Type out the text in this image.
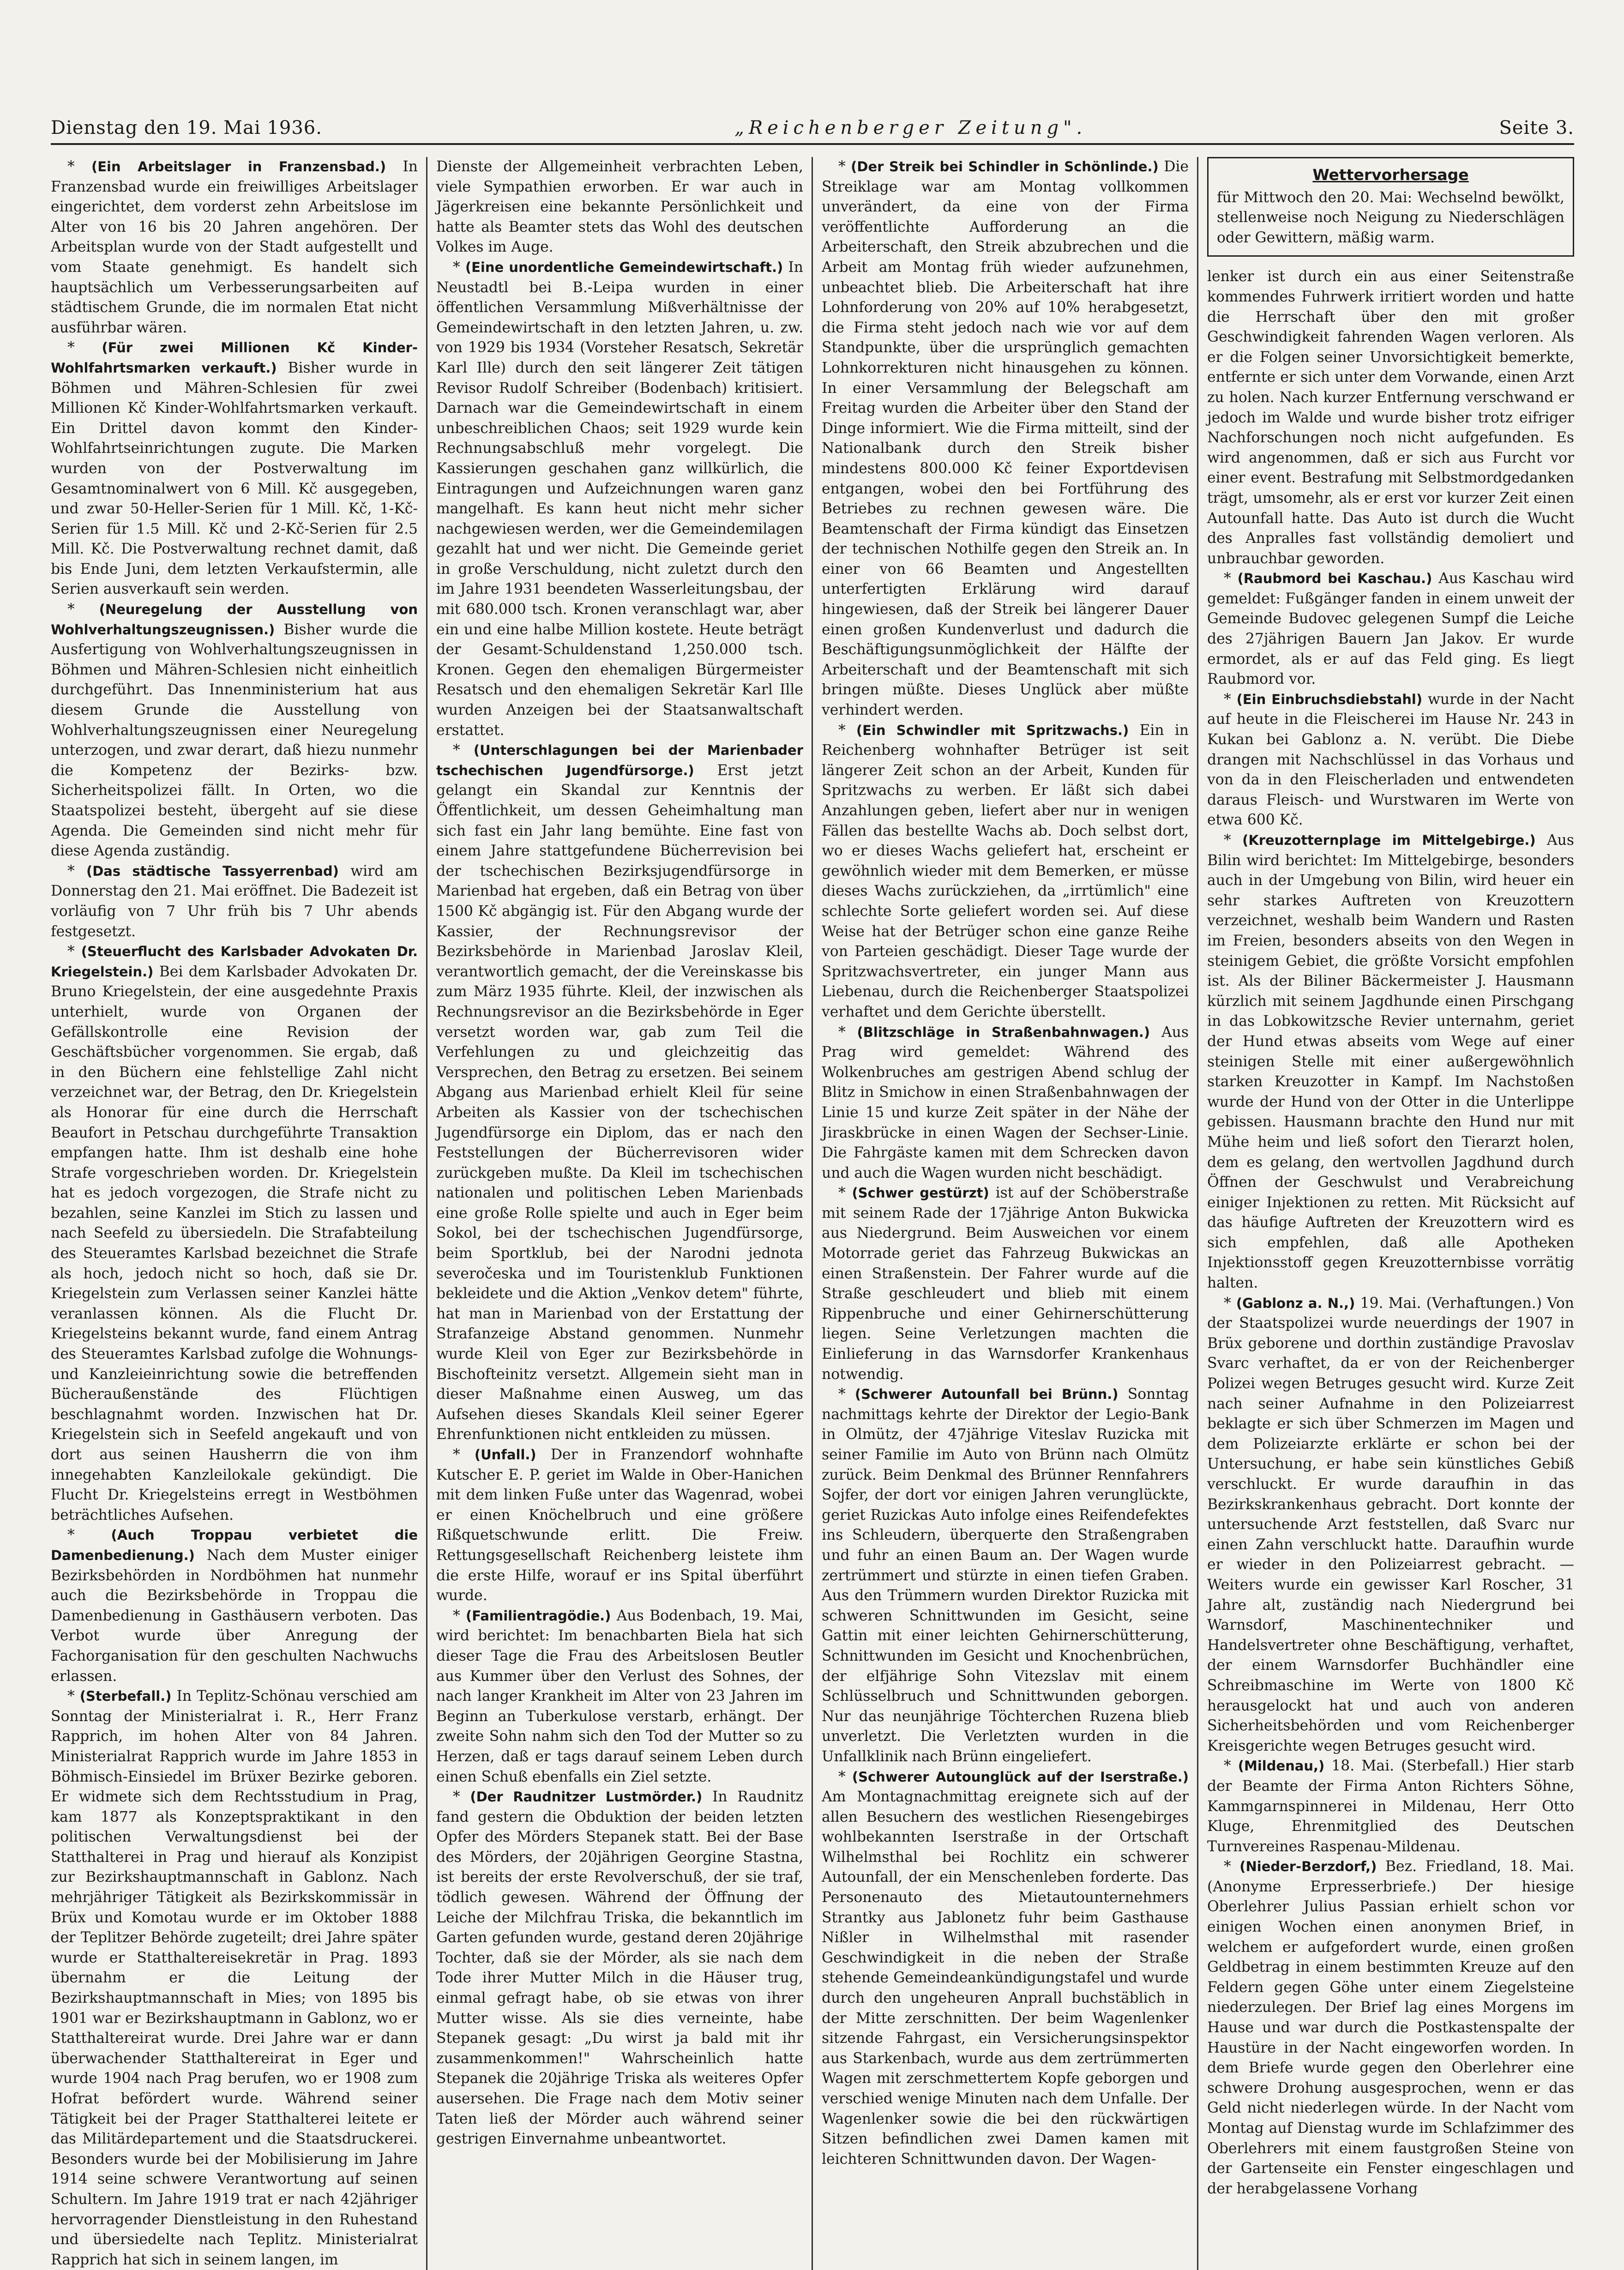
Dienstag den 19. Mai 1936.	„Reichenberger Zeitung".	Seite 3.

* (Ein Arbeitslager in Franzensbad.) In Franzensbad wurde ein freiwilliges Arbeitslager eingerichtet, dem vorderst zehn Arbeitslose im Alter von 16 bis 20 Jahren angehören. Der Arbeitsplan wurde von der Stadt aufgestellt und vom Staate genehmigt. Es handelt sich hauptsächlich um Verbesserungsarbeiten auf städtischem Grunde, die im normalen Etat nicht ausführbar wären.

* (Für zwei Millionen Kč Kinder-Wohlfahrtsmarken verkauft.) Bisher wurde in Böhmen und Mähren-Schlesien für zwei Millionen Kč Kinder-Wohlfahrtsmarken verkauft. Ein Drittel davon kommt den Kinder-Wohlfahrtseinrichtungen zugute. Die Marken wurden von der Postverwaltung im Gesamtnominalwert von 6 Mill. Kč ausgegeben, und zwar 50-Heller-Serien für 1 Mill. Kč, 1-Kč-Serien für 1.5 Mill. Kč und 2-Kč-Serien für 2.5 Mill. Kč. Die Postverwaltung rechnet damit, daß bis Ende Juni, dem letzten Verkaufstermin, alle Serien ausverkauft sein werden.

* (Neuregelung der Ausstellung von Wohlverhaltungszeugnissen.) Bisher wurde die Ausfertigung von Wohlverhaltungszeugnissen in Böhmen und Mähren-Schlesien nicht einheitlich durchgeführt. Das Innenministerium hat aus diesem Grunde die Ausstellung von Wohlverhaltungszeugnissen einer Neuregelung unterzogen, und zwar derart, daß hiezu nunmehr die Kompetenz der Bezirks- bzw. Sicherheitspolizei fällt. In Orten, wo die Staatspolizei besteht, übergeht auf sie diese Agenda. Die Gemeinden sind nicht mehr für diese Agenda zuständig.

* (Das städtische Tassyerrenbad) wird am Donnerstag den 21. Mai eröffnet. Die Badezeit ist vorläufig von 7 Uhr früh bis 7 Uhr abends festgesetzt.

* (Steuerflucht des Karlsbader Advokaten Dr. Kriegelstein.) Bei dem Karlsbader Advokaten Dr. Bruno Kriegelstein, der eine ausgedehnte Praxis unterhielt, wurde von Organen der Gefällskontrolle eine Revision der Geschäftsbücher vorgenommen. Sie ergab, daß in den Büchern eine fehlstellige Zahl nicht verzeichnet war, der Betrag, den Dr. Kriegelstein als Honorar für eine durch die Herrschaft Beaufort in Petschau durchgeführte Transaktion empfangen hatte. Ihm ist deshalb eine hohe Strafe vorgeschrieben worden. Dr. Kriegelstein hat es jedoch vorgezogen, die Strafe nicht zu bezahlen, seine Kanzlei im Stich zu lassen und nach Seefeld zu übersiedeln. Die Strafabteilung des Steueramtes Karlsbad bezeichnet die Strafe als hoch, jedoch nicht so hoch, daß sie Dr. Kriegelstein zum Verlassen seiner Kanzlei hätte veranlassen können. Als die Flucht Dr. Kriegelsteins bekannt wurde, fand einem Antrag des Steueramtes Karlsbad zufolge die Wohnungs- und Kanzleieinrichtung sowie die betreffenden Bücheraußenstände des Flüchtigen beschlagnahmt worden. Inzwischen hat Dr. Kriegelstein sich in Seefeld angekauft und von dort aus seinen Hausherrn die von ihm innegehabten Kanzleilokale gekündigt. Die Flucht Dr. Kriegelsteins erregt in Westböhmen beträchtliches Aufsehen.

* (Auch Troppau verbietet die Damenbedienung.) Nach dem Muster einiger Bezirksbehörden in Nordböhmen hat nunmehr auch die Bezirksbehörde in Troppau die Damenbedienung in Gasthäusern verboten. Das Verbot wurde über Anregung der Fachorganisation für den geschulten Nachwuchs erlassen.

* (Sterbefall.) In Teplitz-Schönau verschied am Sonntag der Ministerialrat i. R., Herr Franz Rapprich, im hohen Alter von 84 Jahren. Ministerialrat Rapprich wurde im Jahre 1853 in Böhmisch-Einsiedel im Brüxer Bezirke geboren. Er widmete sich dem Rechtsstudium in Prag, kam 1877 als Konzeptspraktikant in den politischen Verwaltungsdienst bei der Statthalterei in Prag und hierauf als Konzipist zur Bezirkshauptmannschaft in Gablonz. Nach mehrjähriger Tätigkeit als Bezirkskommissär in Brüx und Komotau wurde er im Oktober 1888 der Teplitzer Behörde zugeteilt; drei Jahre später wurde er Statthaltereisekretär in Prag. 1893 übernahm er die Leitung der Bezirkshauptmannschaft in Mies; von 1895 bis 1901 war er Bezirkshauptmann in Gablonz, wo er Statthaltereirat wurde. Drei Jahre war er dann überwachender Statthaltereirat in Eger und wurde 1904 nach Prag berufen, wo er 1908 zum Hofrat befördert wurde. Während seiner Tätigkeit bei der Prager Statthalterei leitete er das Militärdepartement und die Staatsdruckerei. Besonders wurde bei der Mobilisierung im Jahre 1914 seine schwere Verantwortung auf seinen Schultern. Im Jahre 1919 trat er nach 42jähriger hervorragender Dienstleistung in den Ruhestand und übersiedelte nach Teplitz. Ministerialrat Rapprich hat sich in seinem langen, im

Dienste der Allgemeinheit verbrachten Leben, viele Sympathien erworben. Er war auch in Jägerkreisen eine bekannte Persönlichkeit und hatte als Beamter stets das Wohl des deutschen Volkes im Auge.

* (Eine unordentliche Gemeindewirtschaft.) In Neustadtl bei B.-Leipa wurden in einer öffentlichen Versammlung Mißverhältnisse der Gemeindewirtschaft in den letzten Jahren, u. zw. von 1929 bis 1934 (Vorsteher Resatsch, Sekretär Karl Ille) durch den seit längerer Zeit tätigen Revisor Rudolf Schreiber (Bodenbach) kritisiert. Darnach war die Gemeindewirtschaft in einem unbeschreiblichen Chaos; seit 1929 wurde kein Rechnungsabschluß mehr vorgelegt. Die Kassierungen geschahen ganz willkürlich, die Eintragungen und Aufzeichnungen waren ganz mangelhaft. Es kann heut nicht mehr sicher nachgewiesen werden, wer die Gemeindemilagen gezahlt hat und wer nicht. Die Gemeinde geriet in große Verschuldung, nicht zuletzt durch den im Jahre 1931 beendeten Wasserleitungsbau, der mit 680.000 tsch. Kronen veranschlagt war, aber ein und eine halbe Million kostete. Heute beträgt der Gesamt-Schuldenstand 1,250.000 tsch. Kronen. Gegen den ehemaligen Bürgermeister Resatsch und den ehemaligen Sekretär Karl Ille wurden Anzeigen bei der Staatsanwaltschaft erstattet.

* (Unterschlagungen bei der Marienbader tschechischen Jugendfürsorge.) Erst jetzt gelangt ein Skandal zur Kenntnis der Öffentlichkeit, um dessen Geheimhaltung man sich fast ein Jahr lang bemühte. Eine fast von einem Jahre stattgefundene Bücherrevision bei der tschechischen Bezirksjugendfürsorge in Marienbad hat ergeben, daß ein Betrag von über 1500 Kč abgängig ist. Für den Abgang wurde der Kassier, der Rechnungsrevisor der Bezirksbehörde in Marienbad Jaroslav Kleil, verantwortlich gemacht, der die Vereinskasse bis zum März 1935 führte. Kleil, der inzwischen als Rechnungsrevisor an die Bezirksbehörde in Eger versetzt worden war, gab zum Teil die Verfehlungen zu und gleichzeitig das Versprechen, den Betrag zu ersetzen. Bei seinem Abgang aus Marienbad erhielt Kleil für seine Arbeiten als Kassier von der tschechischen Jugendfürsorge ein Diplom, das er nach den Feststellungen der Bücherrevisoren wider zurückgeben mußte. Da Kleil im tschechischen nationalen und politischen Leben Marienbads eine große Rolle spielte und auch in Eger beim Sokol, bei der tschechischen Jugendfürsorge, beim Sportklub, bei der Narodni jednota severočeska und im Touristenklub Funktionen bekleidete und die Aktion „Venkov detem" führte, hat man in Marienbad von der Erstattung der Strafanzeige Abstand genommen. Nunmehr wurde Kleil von Eger zur Bezirksbehörde in Bischofteinitz versetzt. Allgemein sieht man in dieser Maßnahme einen Ausweg, um das Aufsehen dieses Skandals Kleil seiner Egerer Ehrenfunktionen nicht entkleiden zu müssen.

* (Unfall.) Der in Franzendorf wohnhafte Kutscher E. P. geriet im Walde in Ober-Hanichen mit dem linken Fuße unter das Wagenrad, wobei er einen Knöchelbruch und eine größere Rißquetschwunde erlitt. Die Freiw. Rettungsgesellschaft Reichenberg leistete ihm die erste Hilfe, worauf er ins Spital überführt wurde.

* (Familientragödie.) Aus Bodenbach, 19. Mai, wird berichtet: Im benachbarten Biela hat sich dieser Tage die Frau des Arbeitslosen Beutler aus Kummer über den Verlust des Sohnes, der nach langer Krankheit im Alter von 23 Jahren im Beginn an Tuberkulose verstarb, erhängt. Der zweite Sohn nahm sich den Tod der Mutter so zu Herzen, daß er tags darauf seinem Leben durch einen Schuß ebenfalls ein Ziel setzte.

* (Der Raudnitzer Lustmörder.) In Raudnitz fand gestern die Obduktion der beiden letzten Opfer des Mörders Stepanek statt. Bei der Base des Mörders, der 20jährigen Georgine Stastna, ist bereits der erste Revolverschuß, der sie traf, tödlich gewesen. Während der Öffnung der Leiche der Milchfrau Triska, die bekanntlich im Garten gefunden wurde, gestand deren 20jährige Tochter, daß sie der Mörder, als sie nach dem Tode ihrer Mutter Milch in die Häuser trug, einmal gefragt habe, ob sie etwas von ihrer Mutter wisse. Als sie dies verneinte, habe Stepanek gesagt: „Du wirst ja bald mit ihr zusammenkommen!" Wahrscheinlich hatte Stepanek die 20jährige Triska als weiteres Opfer ausersehen. Die Frage nach dem Motiv seiner Taten ließ der Mörder auch während seiner gestrigen Einvernahme unbeantwortet.

* (Der Streik bei Schindler in Schönlinde.) Die Streiklage war am Montag vollkommen unverändert, da eine von der Firma veröffentlichte Aufforderung an die Arbeiterschaft, den Streik abzubrechen und die Arbeit am Montag früh wieder aufzunehmen, unbeachtet blieb. Die Arbeiterschaft hat ihre Lohnforderung von 20% auf 10% herabgesetzt, die Firma steht jedoch nach wie vor auf dem Standpunkte, über die ursprünglich gemachten Lohnkorrekturen nicht hinausgehen zu können. In einer Versammlung der Belegschaft am Freitag wurden die Arbeiter über den Stand der Dinge informiert. Wie die Firma mitteilt, sind der Nationalbank durch den Streik bisher mindestens 800.000 Kč feiner Exportdevisen entgangen, wobei den bei Fortführung des Betriebes zu rechnen gewesen wäre. Die Beamtenschaft der Firma kündigt das Einsetzen der technischen Nothilfe gegen den Streik an. In einer von 66 Beamten und Angestellten unterfertigten Erklärung wird darauf hingewiesen, daß der Streik bei längerer Dauer einen großen Kundenverlust und dadurch die Beschäftigungsunmöglichkeit der Hälfte der Arbeiterschaft und der Beamtenschaft mit sich bringen müßte. Dieses Unglück aber müßte verhindert werden.

* (Ein Schwindler mit Spritzwachs.) Ein in Reichenberg wohnhafter Betrüger ist seit längerer Zeit schon an der Arbeit, Kunden für Spritzwachs zu werben. Er läßt sich dabei Anzahlungen geben, liefert aber nur in wenigen Fällen das bestellte Wachs ab. Doch selbst dort, wo er dieses Wachs geliefert hat, erscheint er gewöhnlich wieder mit dem Bemerken, er müsse dieses Wachs zurückziehen, da „irrtümlich" eine schlechte Sorte geliefert worden sei. Auf diese Weise hat der Betrüger schon eine ganze Reihe von Parteien geschädigt. Dieser Tage wurde der Spritzwachsvertreter, ein junger Mann aus Liebenau, durch die Reichenberger Staatspolizei verhaftet und dem Gerichte überstellt.

* (Blitzschläge in Straßenbahnwagen.) Aus Prag wird gemeldet: Während des Wolkenbruches am gestrigen Abend schlug der Blitz in Smichow in einen Straßenbahnwagen der Linie 15 und kurze Zeit später in der Nähe der Jiraskbrücke in einen Wagen der Sechser-Linie. Die Fahrgäste kamen mit dem Schrecken davon und auch die Wagen wurden nicht beschädigt.

* (Schwer gestürzt) ist auf der Schöberstraße mit seinem Rade der 17jährige Anton Bukwicka aus Niedergrund. Beim Ausweichen vor einem Motorrade geriet das Fahrzeug Bukwickas an einen Straßenstein. Der Fahrer wurde auf die Straße geschleudert und blieb mit einem Rippenbruche und einer Gehirnerschütterung liegen. Seine Verletzungen machten die Einlieferung in das Warnsdorfer Krankenhaus notwendig.

* (Schwerer Autounfall bei Brünn.) Sonntag nachmittags kehrte der Direktor der Legio-Bank in Olmütz, der 47jährige Viteslav Ruzicka mit seiner Familie im Auto von Brünn nach Olmütz zurück. Beim Denkmal des Brünner Rennfahrers Sojfer, der dort vor einigen Jahren verunglückte, geriet Ruzickas Auto infolge eines Reifendefektes ins Schleudern, überquerte den Straßengraben und fuhr an einen Baum an. Der Wagen wurde zertrümmert und stürzte in einen tiefen Graben. Aus den Trümmern wurden Direktor Ruzicka mit schweren Schnittwunden im Gesicht, seine Gattin mit einer leichten Gehirnerschütterung, Schnittwunden im Gesicht und Knochenbrüchen, der elfjährige Sohn Vitezslav mit einem Schlüsselbruch und Schnittwunden geborgen. Nur das neunjährige Töchterchen Ruzena blieb unverletzt. Die Verletzten wurden in die Unfallklinik nach Brünn eingeliefert.

* (Schwerer Autounglück auf der Iserstraße.) Am Montagnachmittag ereignete sich auf der allen Besuchern des westlichen Riesengebirges wohlbekannten Iserstraße in der Ortschaft Wilhelmsthal bei Rochlitz ein schwerer Autounfall, der ein Menschenleben forderte. Das Personenauto des Mietautounternehmers Strantky aus Jablonetz fuhr beim Gasthause Nißler in Wilhelmsthal mit rasender Geschwindigkeit in die neben der Straße stehende Gemeindeankündigungstafel und wurde durch den ungeheuren Anprall buchstäblich in der Mitte zerschnitten. Der beim Wagenlenker sitzende Fahrgast, ein Versicherungsinspektor aus Starkenbach, wurde aus dem zertrümmerten Wagen mit zerschmettertem Kopfe geborgen und verschied wenige Minuten nach dem Unfalle. Der Wagenlenker sowie die bei den rückwärtigen Sitzen befindlichen zwei Damen kamen mit leichteren Schnittwunden davon. Der Wagen-

Wettervorhersage

für Mittwoch den 20. Mai: Wechselnd bewölkt, stellenweise noch Neigung zu Niederschlägen oder Gewittern, mäßig warm.

lenker ist durch ein aus einer Seitenstraße kommendes Fuhrwerk irritiert worden und hatte die Herrschaft über den mit großer Geschwindigkeit fahrenden Wagen verloren. Als er die Folgen seiner Unvorsichtigkeit bemerkte, entfernte er sich unter dem Vorwande, einen Arzt zu holen. Nach kurzer Entfernung verschwand er jedoch im Walde und wurde bisher trotz eifriger Nachforschungen noch nicht aufgefunden. Es wird angenommen, daß er sich aus Furcht vor einer event. Bestrafung mit Selbstmordgedanken trägt, umsomehr, als er erst vor kurzer Zeit einen Autounfall hatte. Das Auto ist durch die Wucht des Anpralles fast vollständig demoliert und unbrauchbar geworden.

* (Raubmord bei Kaschau.) Aus Kaschau wird gemeldet: Fußgänger fanden in einem unweit der Gemeinde Budovec gelegenen Sumpf die Leiche des 27jährigen Bauern Jan Jakov. Er wurde ermordet, als er auf das Feld ging. Es liegt Raubmord vor.

* (Ein Einbruchsdiebstahl) wurde in der Nacht auf heute in die Fleischerei im Hause Nr. 243 in Kukan bei Gablonz a. N. verübt. Die Diebe drangen mit Nachschlüssel in das Vorhaus und von da in den Fleischerladen und entwendeten daraus Fleisch- und Wurstwaren im Werte von etwa 600 Kč.

* (Kreuzotternplage im Mittelgebirge.) Aus Bilin wird berichtet: Im Mittelgebirge, besonders auch in der Umgebung von Bilin, wird heuer ein sehr starkes Auftreten von Kreuzottern verzeichnet, weshalb beim Wandern und Rasten im Freien, besonders abseits von den Wegen in steinigem Gebiet, die größte Vorsicht empfohlen ist. Als der Biliner Bäckermeister J. Hausmann kürzlich mit seinem Jagdhunde einen Pirschgang in das Lobkowitzsche Revier unternahm, geriet der Hund etwas abseits vom Wege auf einer steinigen Stelle mit einer außergewöhnlich starken Kreuzotter in Kampf. Im Nachstoßen wurde der Hund von der Otter in die Unterlippe gebissen. Hausmann brachte den Hund nur mit Mühe heim und ließ sofort den Tierarzt holen, dem es gelang, den wertvollen Jagdhund durch Öffnen der Geschwulst und Verabreichung einiger Injektionen zu retten. Mit Rücksicht auf das häufige Auftreten der Kreuzottern wird es sich empfehlen, daß alle Apotheken Injektionsstoff gegen Kreuzotternbisse vorrätig halten.

* (Gablonz a. N.,) 19. Mai. (Verhaftungen.) Von der Staatspolizei wurde neuerdings der 1907 in Brüx geborene und dorthin zuständige Pravoslav Svarc verhaftet, da er von der Reichenberger Polizei wegen Betruges gesucht wird. Kurze Zeit nach seiner Aufnahme in den Polizeiarrest beklagte er sich über Schmerzen im Magen und dem Polizeiarzte erklärte er schon bei der Untersuchung, er habe sein künstliches Gebiß verschluckt. Er wurde daraufhin in das Bezirkskrankenhaus gebracht. Dort konnte der untersuchende Arzt feststellen, daß Svarc nur einen Zahn verschluckt hatte. Daraufhin wurde er wieder in den Polizeiarrest gebracht. — Weiters wurde ein gewisser Karl Roscher, 31 Jahre alt, zuständig nach Niedergrund bei Warnsdorf, Maschinentechniker und Handelsvertreter ohne Beschäftigung, verhaftet, der einem Warnsdorfer Buchhändler eine Schreibmaschine im Werte von 1800 Kč herausgelockt hat und auch von anderen Sicherheitsbehörden und vom Reichenberger Kreisgerichte wegen Betruges gesucht wird.

* (Mildenau,) 18. Mai. (Sterbefall.) Hier starb der Beamte der Firma Anton Richters Söhne, Kammgarnspinnerei in Mildenau, Herr Otto Kluge, Ehrenmitglied des Deutschen Turnvereines Raspenau-Mildenau.

* (Nieder-Berzdorf,) Bez. Friedland, 18. Mai. (Anonyme Erpresserbriefe.) Der hiesige Oberlehrer Julius Passian erhielt schon vor einigen Wochen einen anonymen Brief, in welchem er aufgefordert wurde, einen großen Geldbetrag in einem bestimmten Kreuze auf den Feldern gegen Göhe unter einem Ziegelsteine niederzulegen. Der Brief lag eines Morgens im Hause und war durch die Postkastenspalte der Haustüre in der Nacht eingeworfen worden. In dem Briefe wurde gegen den Oberlehrer eine schwere Drohung ausgesprochen, wenn er das Geld nicht niederlegen würde. In der Nacht vom Montag auf Dienstag wurde im Schlafzimmer des Oberlehrers mit einem faustgroßen Steine von der Gartenseite ein Fenster eingeschlagen und der herabgelassene Vorhang
